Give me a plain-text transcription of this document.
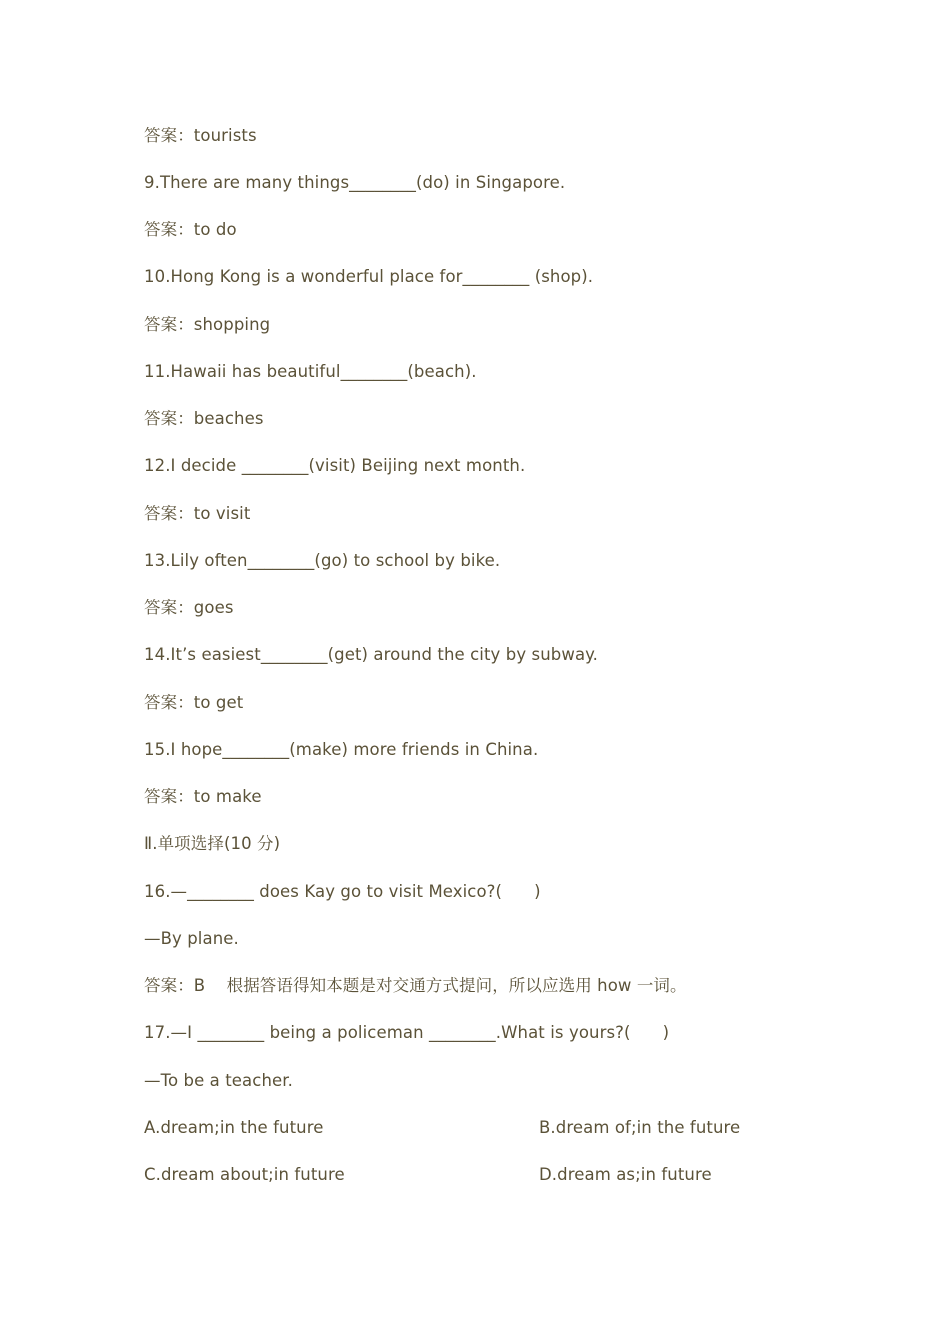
答案：tourists
9.There are many things________(do) in Singapore.
答案：to do
10.Hong Kong is a wonderful place for________ (shop).
答案：shopping
11.Hawaii has beautiful________(beach).
答案：beaches
12.I decide ________(visit) Beijing next month.
答案：to visit
13.Lily often________(go) to school by bike.
答案：goes
14.It’s easiest________(get) around the city by subway.
答案：to get
15.I hope________(make) more friends in China.
答案：to make
Ⅱ.单项选择(10 分)
16.—________ does Kay go to visit Mexico?(      )
—By plane.
答案：B    根据答语得知本题是对交通方式提问，所以应选用 how 一词。
17.—I ________ being a policeman ________.What is yours?(      )
—To be a teacher.
A.dream;in the future	B.dream of;in the future
C.dream about;in future	D.dream as;in future
